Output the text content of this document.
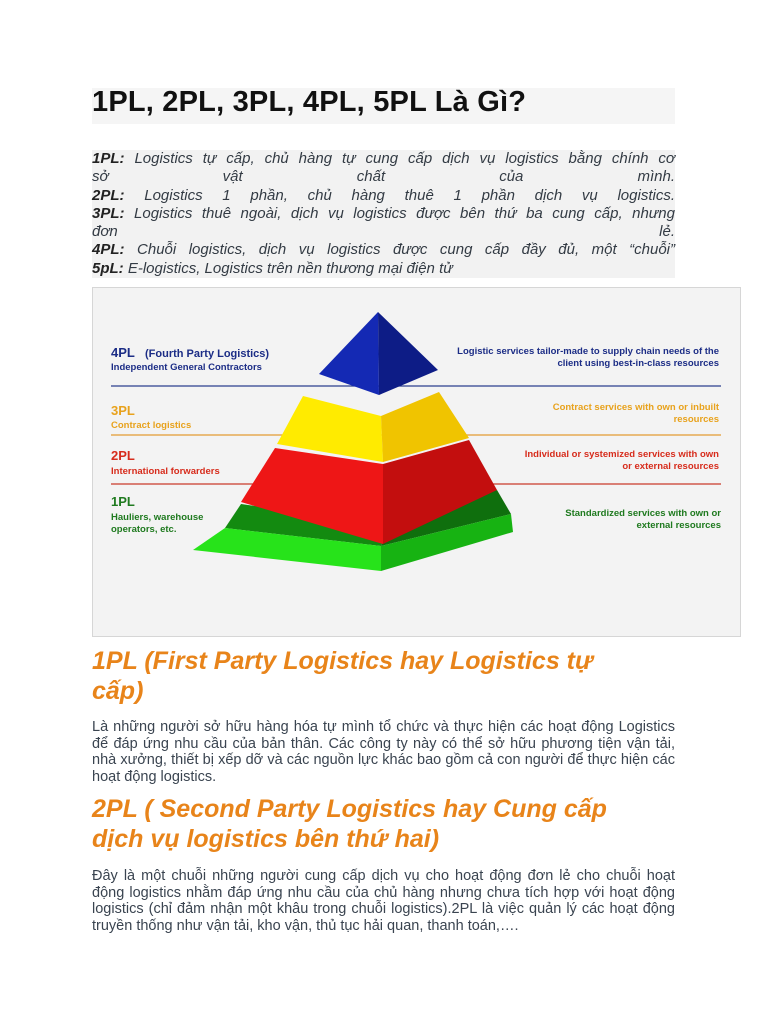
1PL, 2PL, 3PL, 4PL, 5PL Là Gì?
1PL: Logistics tự cấp, chủ hàng tự cung cấp dịch vụ logistics bằng chính cơ
sở vật chất của mình.
2PL: Logistics 1 phần, chủ hàng thuê 1 phần dịch vụ logistics.
3PL: Logistics thuê ngoài, dịch vụ logistics được bên thứ ba cung cấp, nhưng
đơn lẻ.
4PL: Chuỗi logistics, dịch vụ logistics được cung cấp đầy đủ, một “chuỗi”
5pL: E-logistics, Logistics trên nền thương mại điện tử
4PL (Fourth Party Logistics)
Independent General Contractors
3PL
Contract logistics
2PL
International forwarders
1PL
Hauliers, warehouse
operators, etc.
Logistic services tailor-made to supply chain needs of the
client using best-in-class resources
Contract services with own or inbuilt
resources
Individual or systemized services with own
or external resources
Standardized services with own or
external resources
1PL (First Party Logistics hay Logistics tự
cấp)

Là những người sở hữu hàng hóa tự mình tổ chức và thực hiện các hoạt động Logistics để đáp ứng nhu cầu của bản thân. Các công ty này có thể sở hữu phương tiện vận tải, nhà xưởng, thiết bị xếp dỡ và các nguồn lực khác bao gồm cả con người để thực hiện các hoạt động logistics.

2PL ( Second Party Logistics hay Cung cấp
dịch vụ logistics bên thứ hai)

Đây là một chuỗi những người cung cấp dịch vụ cho hoạt động đơn lẻ cho chuỗi hoạt động logistics nhằm đáp ứng nhu cầu của chủ hàng nhưng chưa tích hợp với hoạt động logistics (chỉ đảm nhận một khâu trong chuỗi logistics).2PL là việc quản lý các hoạt động truyền thống như vận tải, kho vận, thủ tục hải quan, thanh toán,….
